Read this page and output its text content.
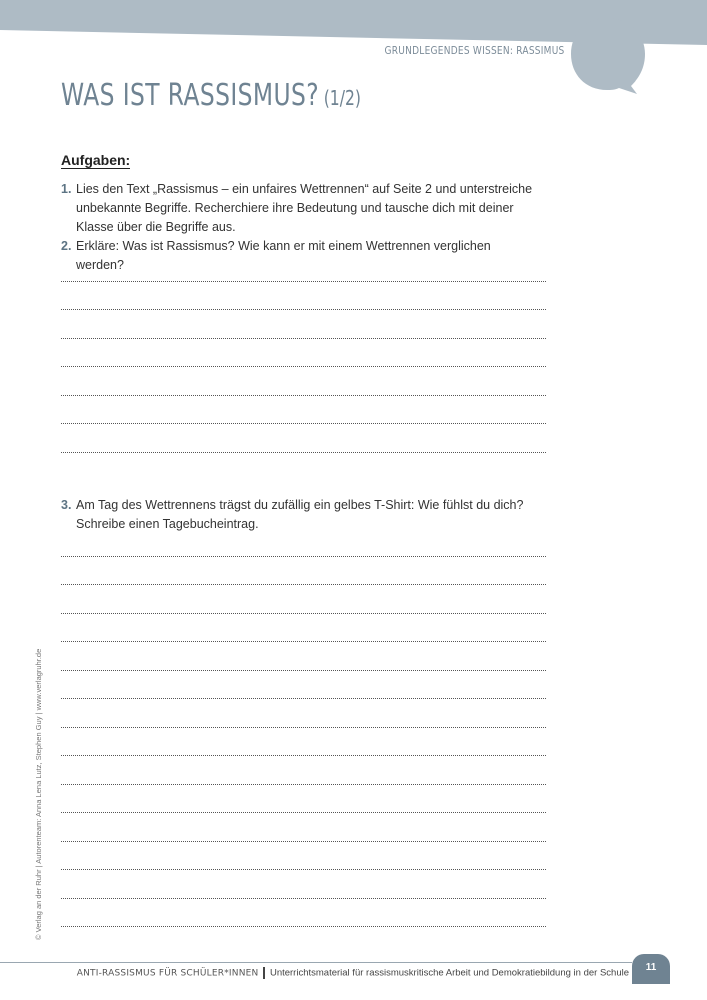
GRUNDLEGENDES WISSEN: RASSIMUS
WAS IST RASSISMUS? (1/2)
Aufgaben:
1. Lies den Text „Rassismus – ein unfaires Wettrennen“ auf Seite 2 und unterstreiche unbekannte Begriffe. Recherchiere ihre Bedeutung und tausche dich mit deiner Klasse über die Begriffe aus.
2. Erkläre: Was ist Rassismus? Wie kann er mit einem Wettrennen verglichen werden?
3. Am Tag des Wettrennens trägst du zufällig ein gelbes T-Shirt: Wie fühlst du dich? Schreibe einen Tagebucheintrag.
© Verlag an der Ruhr | Autorenteam: Anna Lena Lutz, Stephen Guy | www.verlagruhr.de
ANTI-RASSISMUS FÜR SCHÜLER*INNEN Unterrichtsmaterial für rassismuskritische Arbeit und Demokratiebildung in der Schule
11
